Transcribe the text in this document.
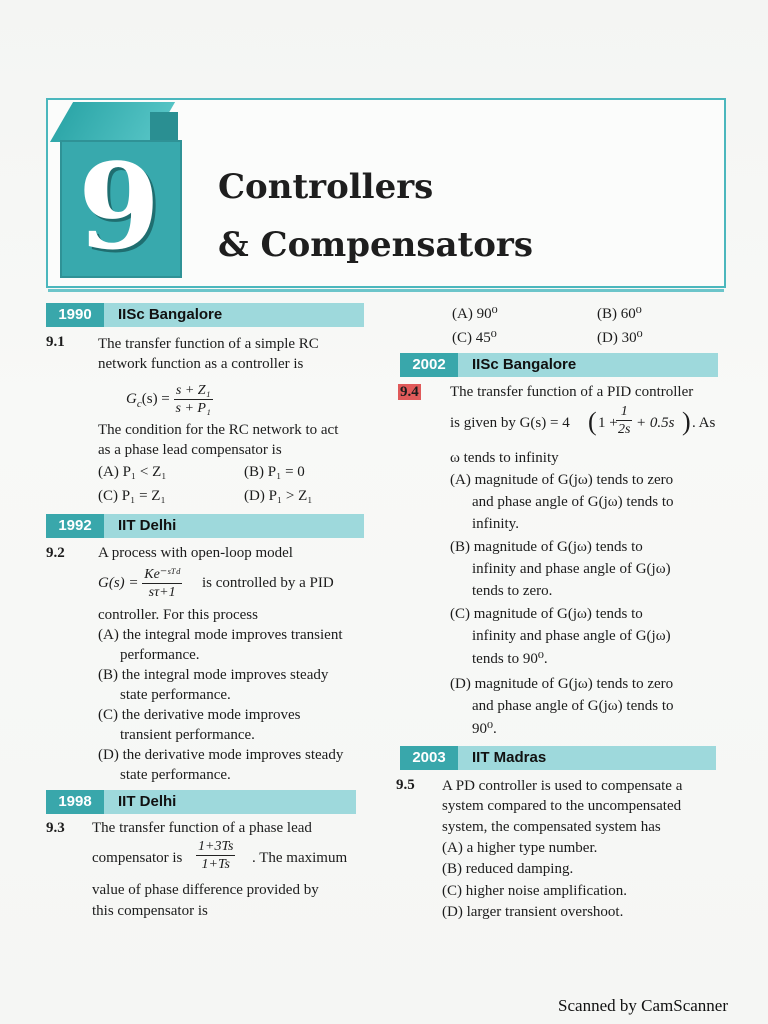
9	Controllers
& Compensators
1990	IISc Bangalore
9.1 The transfer function of a simple RC
network function as a controller is
$G_c(s) = \frac{\text{s + Z₁}}{\text{s + P₁}}$
The condition for the RC network to act
as a phase lead compensator is
(A) P₁ < Z₁	(B) P₁ = 0
(C) P₁ = Z₁	(D) P₁ > Z₁
1992	IIT Delhi
9.2 A process with open-loop model
$G(s) = \frac{\text{Ke⁻ˢᵀᵈ}}{s\tau+1}$ is controlled by a PID
controller. For this process
(A) the integral mode improves transient
performance.
(B) the integral mode improves steady
state performance.
(C) the derivative mode improves
transient performance.
(D) the derivative mode improves steady
state performance.
1998	IIT Delhi
9.3 The transfer function of a phase lead
compensator is $\frac{1+3Ts}{1+Ts}$ . The maximum
value of phase difference provided by
this compensator is
(A) 90⁰	(B) 60⁰
(C) 45⁰	(D) 30⁰
2002	IISc Bangalore
9.4 The transfer function of a PID controller
is given by G(s) = 4 ( 1 +
$\frac{1}{2s} + 0.5s$ ) . As
ω tends to infinity
(A) magnitude of G(jω) tends to zero
and phase angle of G(jω) tends to
infinity.
(B) magnitude of G(jω) tends to
infinity and phase angle of G(jω)
tends to zero.
(C) magnitude of G(jω) tends to
infinity and phase angle of G(jω)
tends to 90⁰.
(D) magnitude of G(jω) tends to zero
and phase angle of G(jω) tends to
90⁰.
2003	IIT Madras
9.5 A PD controller is used to compensate a
system compared to the uncompensated
system, the compensated system has
(A) a higher type number.
(B) reduced damping.
(C) higher noise amplification.
(D) larger transient overshoot.
Scanned by CamScanner
